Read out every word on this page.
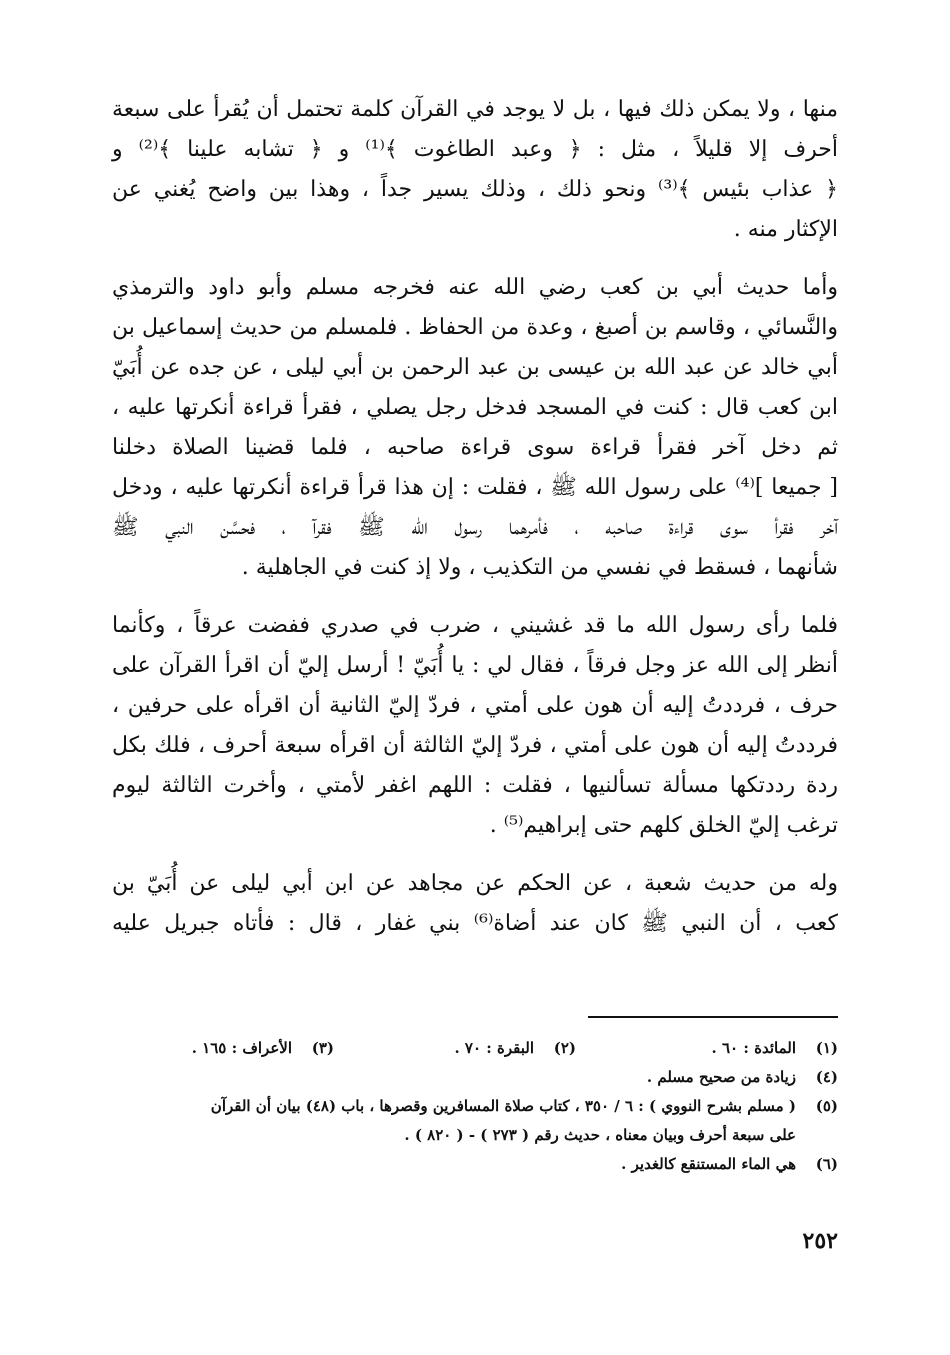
منها ، ولا يمكن ذلك فيها ، بل لا يوجد في القرآن كلمة تحتمل أن يُقرأ على سبعة
أحرف إلا قليلاً ، مثل : ﴿ وعبد الطاغوت ﴾⁽¹⁾ و ﴿ تشابه علينا ﴾⁽²⁾ و
﴿ عذاب بئيس ﴾⁽³⁾ ونحو ذلك ، وذلك يسير جداً ، وهذا بين واضح يُغني عن
الإكثار منه .
وأما حديث أبي بن كعب رضي الله عنه فخرجه مسلم وأبو داود والترمذي
والنَّسائي ، وقاسم بن أصبغ ، وعدة من الحفاظ . فلمسلم من حديث إسماعيل بن
أبي خالد عن عبد الله بن عيسى بن عبد الرحمن بن أبي ليلى ، عن جده عن أُبَيّ
ابن كعب قال : كنت في المسجد فدخل رجل يصلي ، فقرأ قراءة أنكرتها عليه ،
ثم دخل آخر فقرأ قراءة سوى قراءة صاحبه ، فلما قضينا الصلاة دخلنا
[ جميعا ]⁽⁴⁾ على رسول الله ﷺ ، فقلت : إن هذا قرأ قراءة أنكرتها عليه ، ودخل
آخر فقرأ سوى قراءة صاحبه ، فأمرهما رسول الله ﷺ فقرآ ، فحسَّن النبي ﷺ
شأنهما ، فسقط في نفسي من التكذيب ، ولا إذ كنت في الجاهلية .
فلما رأى رسول الله ما قد غشيني ، ضرب في صدري ففضت عرقاً ، وكأنما
أنظر إلى الله عز وجل فرقاً ، فقال لي : يا أُبَيّ ! أرسل إليّ أن اقرأ القرآن على
حرف ، فرددتُ إليه أن هون على أمتي ، فردّ إليّ الثانية أن اقرأه على حرفين ،
فرددتُ إليه أن هون على أمتي ، فردّ إليّ الثالثة أن اقرأه سبعة أحرف ، فلك بكل
ردة رددتكها مسألة تسألنيها ، فقلت : اللهم اغفر لأمتي ، وأخرت الثالثة ليوم
ترغب إليّ الخلق كلهم حتى إبراهيم⁽⁵⁾ .
وله من حديث شعبة ، عن الحكم عن مجاهد عن ابن أبي ليلى عن أُبَيّ بن
كعب ، أن النبي ﷺ كان عند أضاة⁽⁶⁾ بني غفار ، قال : فأتاه جبريل عليه
(١)
المائدة : ٦٠ .
(٢)
البقرة : ٧٠ .
(٣)
الأعراف : ١٦٥ .
(٤)
زيادة من صحيح مسلم .
(٥)
( مسلم بشرح النووي ) : ٦ / ٣٥٠ ، كتاب صلاة المسافرين وقصرها ، باب (٤٨) بيان أن القرآن
على سبعة أحرف وبيان معناه ، حديث رقم ( ٢٧٣ ) - ( ٨٢٠ ) .
(٦)
هي الماء المستنقع كالغدير .
٢٥٢
